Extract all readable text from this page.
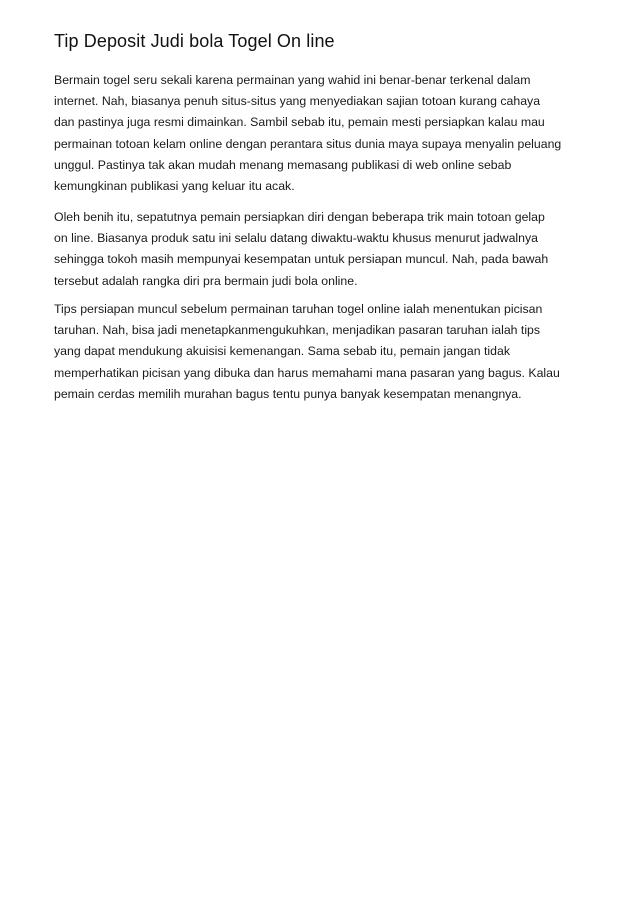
Tip Deposit Judi bola Togel On line
Bermain togel seru sekali karena permainan yang wahid ini benar-benar terkenal dalam
internet. Nah, biasanya penuh situs-situs yang menyediakan sajian totoan kurang cahaya
dan pastinya juga resmi dimainkan. Sambil sebab itu, pemain mesti persiapkan kalau mau
permainan totoan kelam online dengan perantara situs dunia maya supaya menyalin peluang
unggul. Pastinya tak akan mudah menang memasang publikasi di web online sebab
kemungkinan publikasi yang keluar itu acak.
Oleh benih itu, sepatutnya pemain persiapkan diri dengan beberapa trik main totoan gelap
on line. Biasanya produk satu ini selalu datang diwaktu-waktu khusus menurut jadwalnya
sehingga tokoh masih mempunyai kesempatan untuk persiapan muncul. Nah, pada bawah
tersebut adalah rangka diri pra bermain judi bola online.
Tips persiapan muncul sebelum permainan taruhan togel online ialah menentukan picisan
taruhan. Nah, bisa jadi menetapkanmengukuhkan, menjadikan pasaran taruhan ialah tips
yang dapat mendukung akuisisi kemenangan. Sama sebab itu, pemain jangan tidak
memperhatikan picisan yang dibuka dan harus memahami mana pasaran yang bagus. Kalau
pemain cerdas memilih murahan bagus tentu punya banyak kesempatan menangnya.
